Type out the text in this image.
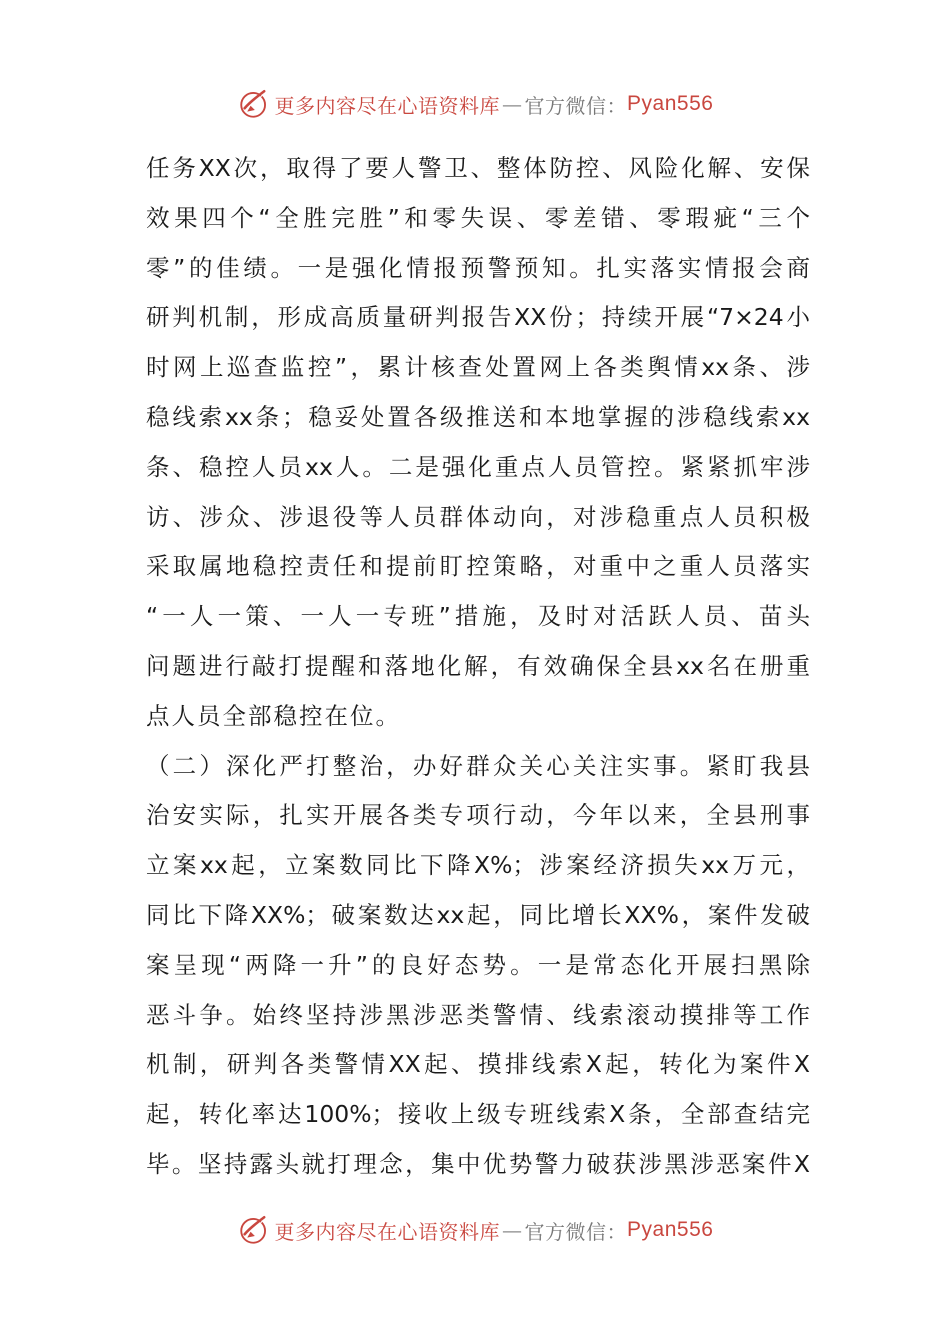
更多内容尽在心语资料库 — 官方微信： Pyan556
任务XX次，取得了要人警卫、整体防控、风险化解、安保
效果四个“全胜完胜”和零失误、零差错、零瑕疵“三个
零”的佳绩。一是强化情报预警预知。扎实落实情报会商
研判机制，形成高质量研判报告XX份；持续开展“7×24小
时网上巡查监控”，累计核查处置网上各类舆情xx条、涉
稳线索xx条；稳妥处置各级推送和本地掌握的涉稳线索xx
条、稳控人员xx人。二是强化重点人员管控。紧紧抓牢涉
访、涉众、涉退役等人员群体动向，对涉稳重点人员积极
采取属地稳控责任和提前盯控策略，对重中之重人员落实
“一人一策、一人一专班”措施，及时对活跃人员、苗头
问题进行敲打提醒和落地化解，有效确保全县xx名在册重
点人员全部稳控在位。
（二）深化严打整治，办好群众关心关注实事。紧盯我县
治安实际，扎实开展各类专项行动，今年以来，全县刑事
立案xx起，立案数同比下降X%；涉案经济损失xx万元，
同比下降XX%；破案数达xx起，同比增长XX%，案件发破
案呈现“两降一升”的良好态势。一是常态化开展扫黑除
恶斗争。始终坚持涉黑涉恶类警情、线索滚动摸排等工作
机制，研判各类警情XX起、摸排线索X起，转化为案件X
起，转化率达100%；接收上级专班线索X条，全部查结完
毕。坚持露头就打理念，集中优势警力破获涉黑涉恶案件X
更多内容尽在心语资料库 — 官方微信： Pyan556
